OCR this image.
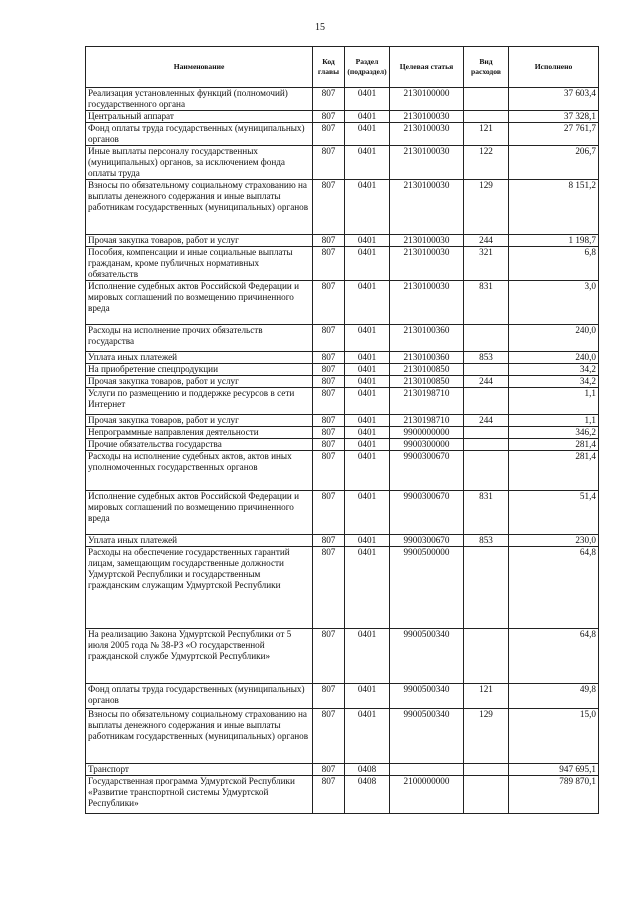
15
Наименование	Код главы	Раздел (подраздел)	Целевая статья	Вид расходов	Исполнено
Реализация установленных функций (полномочий) государственного органа	807	0401	2130100000		37 603,4
Центральный аппарат	807	0401	2130100030		37 328,1
Фонд оплаты труда государственных (муниципальных) органов	807	0401	2130100030	121	27 761,7
Иные выплаты персоналу государственных (муниципальных) органов, за исключением фонда оплаты труда	807	0401	2130100030	122	206,7
Взносы по обязательному социальному страхованию на выплаты денежного содержания и иные выплаты работникам государственных (муниципальных) органов	807	0401	2130100030	129	8 151,2
Прочая закупка товаров, работ и услуг	807	0401	2130100030	244	1 198,7
Пособия, компенсации и иные социальные выплаты гражданам, кроме публичных нормативных обязательств	807	0401	2130100030	321	6,8
Исполнение судебных актов Российской Федерации и мировых соглашений по возмещению причиненного вреда	807	0401	2130100030	831	3,0
Расходы на исполнение прочих обязательств государства	807	0401	2130100360		240,0
Уплата иных платежей	807	0401	2130100360	853	240,0
На приобретение спецпродукции	807	0401	2130100850		34,2
Прочая закупка товаров, работ и услуг	807	0401	2130100850	244	34,2
Услуги по размещению и поддержке ресурсов в сети Интернет	807	0401	2130198710		1,1
Прочая закупка товаров, работ и услуг	807	0401	2130198710	244	1,1
Непрограммные направления деятельности	807	0401	9900000000		346,2
Прочие обязательства государства	807	0401	9900300000		281,4
Расходы на исполнение судебных актов, актов иных уполномоченных государственных органов	807	0401	9900300670		281,4
Исполнение судебных актов Российской Федерации и мировых соглашений по возмещению причиненного вреда	807	0401	9900300670	831	51,4
Уплата иных платежей	807	0401	9900300670	853	230,0
Расходы на обеспечение государственных гарантий лицам, замещающим государственные должности Удмуртской Республики и государственным гражданским служащим Удмуртской Республики	807	0401	9900500000		64,8
На реализацию Закона Удмуртской Республики от 5 июля 2005 года № 38-РЗ «О государственной гражданской службе Удмуртской Республики»	807	0401	9900500340		64,8
Фонд оплаты труда государственных (муниципальных) органов	807	0401	9900500340	121	49,8
Взносы по обязательному социальному страхованию на выплаты денежного содержания и иные выплаты работникам государственных (муниципальных) органов	807	0401	9900500340	129	15,0
Транспорт	807	0408			947 695,1
Государственная программа Удмуртской Республики «Развитие транспортной системы Удмуртской Республики»	807	0408	2100000000		789 870,1
